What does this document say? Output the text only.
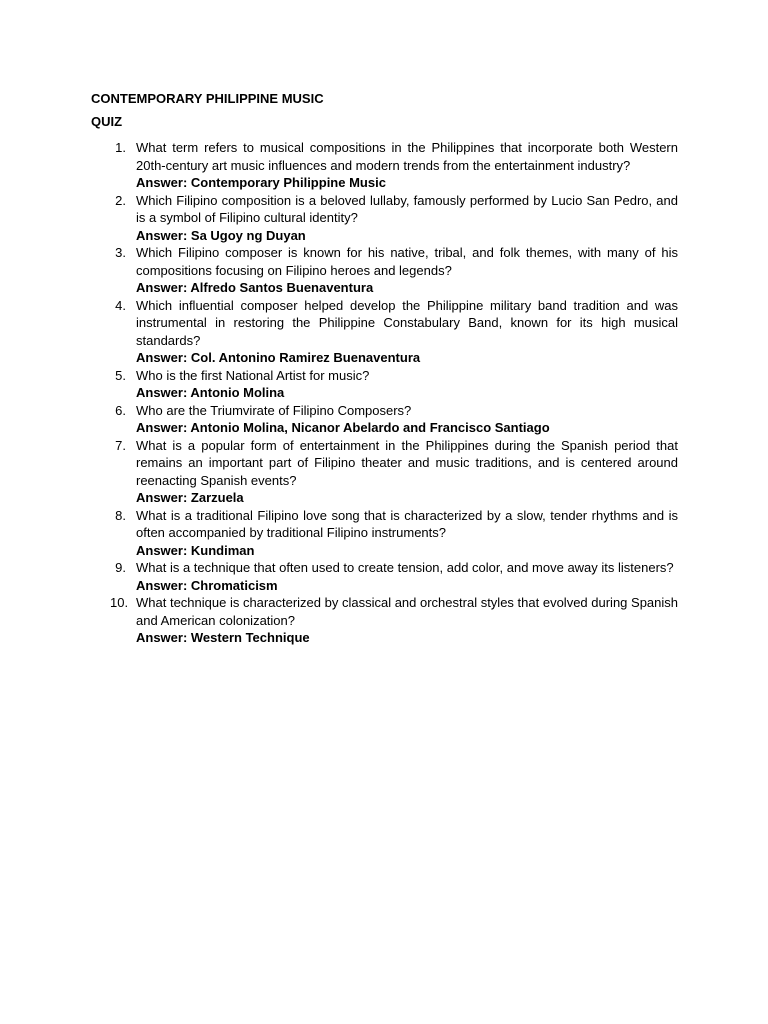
CONTEMPORARY PHILIPPINE MUSIC
QUIZ
1. What term refers to musical compositions in the Philippines that incorporate both Western 20th-century art music influences and modern trends from the entertainment industry?

Answer: Contemporary Philippine Music

2. Which Filipino composition is a beloved lullaby, famously performed by Lucio San Pedro, and is a symbol of Filipino cultural identity?

Answer: Sa Ugoy ng Duyan

3. Which Filipino composer is known for his native, tribal, and folk themes, with many of his compositions focusing on Filipino heroes and legends?

Answer: Alfredo Santos Buenaventura

4. Which influential composer helped develop the Philippine military band tradition and was instrumental in restoring the Philippine Constabulary Band, known for its high musical standards?

Answer: Col. Antonino Ramirez Buenaventura

5. Who is the first National Artist for music?

Answer: Antonio Molina

6. Who are the Triumvirate of Filipino Composers?

Answer: Antonio Molina, Nicanor Abelardo and Francisco Santiago

7. What is a popular form of entertainment in the Philippines during the Spanish period that remains an important part of Filipino theater and music traditions, and is centered around reenacting Spanish events?

Answer: Zarzuela

8. What is a traditional Filipino love song that is characterized by a slow, tender rhythms and is often accompanied by traditional Filipino instruments?

Answer: Kundiman

9. What is a technique that often used to create tension, add color, and move away its listeners?

Answer: Chromaticism

10. What technique is characterized by classical and orchestral styles that evolved during Spanish and American colonization?

Answer: Western Technique
